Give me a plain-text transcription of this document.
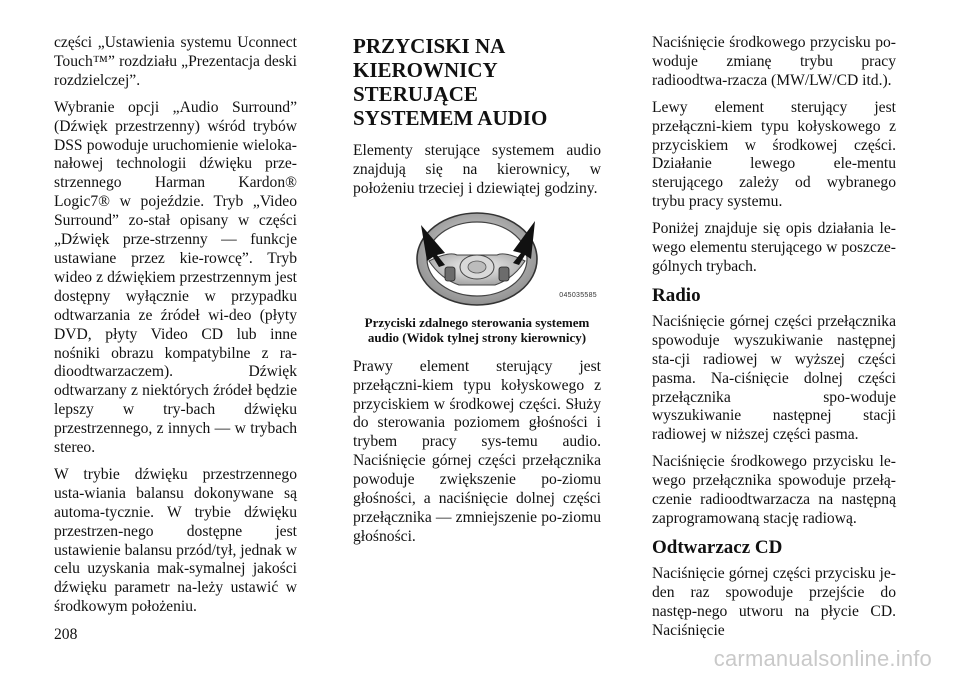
części „Ustawienia systemu Uconnect Touch™” rozdziału „Prezentacja deski rozdzielczej”.

Wybranie opcji „Audio Surround” (Dźwięk przestrzenny) wśród trybów DSS powoduje uruchomienie wieloka-nałowej technologii dźwięku prze-strzennego Harman Kardon® Logic7® w pojeździe. Tryb „Video Surround” zo-stał opisany w części „Dźwięk prze-strzenny — funkcje ustawiane przez kie-rowcę”. Tryb wideo z dźwiękiem przestrzennym jest dostępny wyłącznie w przypadku odtwarzania ze źródeł wi-deo (płyty DVD, płyty Video CD lub inne nośniki obrazu kompatybilne z ra-dioodtwarzaczem). Dźwięk odtwarzany z niektórych źródeł będzie lepszy w try-bach dźwięku przestrzennego, z innych — w trybach stereo.

W trybie dźwięku przestrzennego usta-wiania balansu dokonywane są automa-tycznie. W trybie dźwięku przestrzen-nego dostępne jest ustawienie balansu przód/tył, jednak w celu uzyskania mak-symalnej jakości dźwięku parametr na-leży ustawić w środkowym położeniu.

PRZYCISKI NA KIEROWNICY STERUJĄCE SYSTEMEM AUDIO

Elementy sterujące systemem audio znajdują się na kierownicy, w położeniu trzeciej i dziewiątej godziny.

045035585

Przyciski zdalnego sterowania systemem audio (Widok tylnej strony kierownicy)

Prawy element sterujący jest przełączni-kiem typu kołyskowego z przyciskiem w środkowej części. Służy do sterowania poziomem głośności i trybem pracy sys-temu audio. Naciśnięcie górnej części przełącznika powoduje zwiększenie po-ziomu głośności, a naciśnięcie dolnej części przełącznika — zmniejszenie po-ziomu głośności.

Naciśnięcie środkowego przycisku po-woduje zmianę trybu pracy radioodtwa-rzacza (MW/LW/CD itd.).

Lewy element sterujący jest przełączni-kiem typu kołyskowego z przyciskiem w środkowej części. Działanie lewego ele-mentu sterującego zależy od wybranego trybu pracy systemu.

Poniżej znajduje się opis działania le-wego elementu sterującego w poszcze-gólnych trybach.

Radio

Naciśnięcie górnej części przełącznika spowoduje wyszukiwanie następnej sta-cji radiowej w wyższej części pasma. Na-ciśnięcie dolnej części przełącznika spo-woduje wyszukiwanie następnej stacji radiowej w niższej części pasma.

Naciśnięcie środkowego przycisku le-wego przełącznika spowoduje przełą-czenie radioodtwarzacza na następną zaprogramowaną stację radiową.

Odtwarzacz CD

Naciśnięcie górnej części przycisku je-den raz spowoduje przejście do następ-nego utworu na płycie CD. Naciśnięcie

208
carmanualsonline.info
